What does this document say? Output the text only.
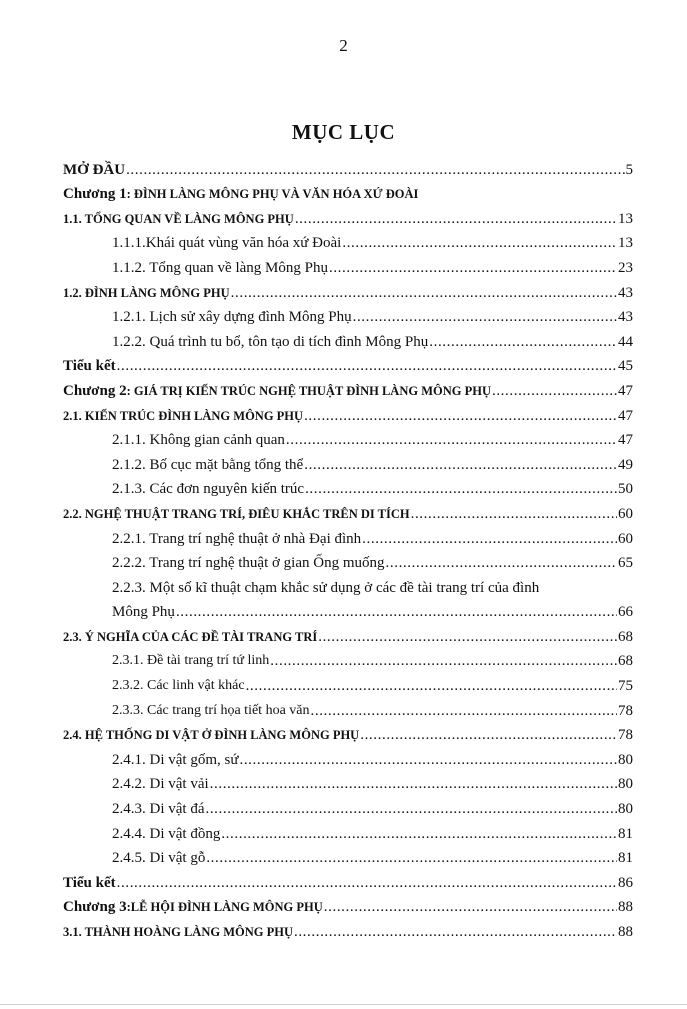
2
MỤC LỤC
MỞ ĐẦU .....	5
Chương 1: ĐÌNH LÀNG MÔNG PHỤ VÀ VĂN HÓA XỨ ĐOÀI
1.1. TỔNG QUAN VỀ LÀNG MÔNG PHỤ .....	13
1.1.1.Khái quát vùng văn hóa xứ Đoài .....	13
1.1.2. Tổng quan về làng Mông Phụ .....	23
1.2. ĐÌNH LÀNG MÔNG PHỤ .....	43
1.2.1. Lịch sử xây dựng đình Mông Phụ .....	43
1.2.2. Quá trình tu bổ, tôn tạo di tích đình Mông Phụ .....	44
Tiểu kết .....	45
Chương 2: GIÁ TRỊ KIẾN TRÚC NGHỆ THUẬT ĐÌNH LÀNG MÔNG PHỤ .....	47
2.1. KIẾN TRÚC ĐÌNH LÀNG MÔNG PHỤ .....	47
2.1.1. Không gian cảnh quan .....	47
2.1.2. Bố cục mặt bằng tổng thể .....	49
2.1.3. Các đơn nguyên kiến trúc .....	50
2.2. NGHỆ THUẬT TRANG TRÍ, ĐIÊU KHẮC TRÊN DI TÍCH .....	60
2.2.1. Trang trí nghệ thuật ở nhà Đại đình .....	60
2.2.2. Trang trí nghệ thuật ở gian Ống muống .....	65
2.2.3. Một số kĩ thuật chạm khắc sử dụng ở các đề tài trang trí của đình
Mông Phụ .....	66
2.3. Ý NGHĨA CỦA CÁC ĐỀ TÀI TRANG TRÍ .....	68
2.3.1. Đề tài trang trí tứ linh .....	68
2.3.2. Các linh vật khác .....	75
2.3.3. Các trang trí họa tiết hoa văn .....	78
2.4. HỆ THỐNG DI VẬT Ở ĐÌNH LÀNG MÔNG PHỤ .....	78
2.4.1. Di vật gốm, sứ .....	80
2.4.2. Di vật vải .....	80
2.4.3. Di vật đá .....	80
2.4.4. Di vật đồng .....	81
2.4.5. Di vật gỗ .....	81
Tiểu kết .....	86
Chương 3:LỄ HỘI ĐÌNH LÀNG MÔNG PHỤ .....	88
3.1. THÀNH HOÀNG LÀNG MÔNG PHỤ .....	88
